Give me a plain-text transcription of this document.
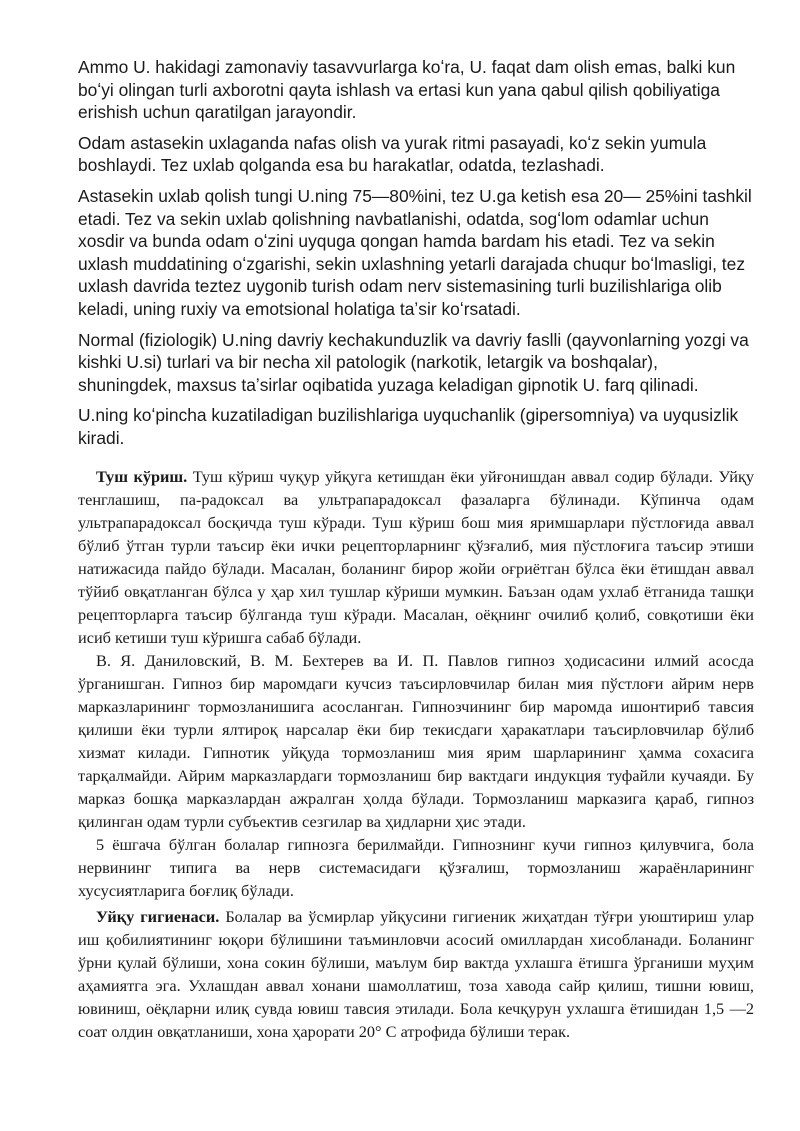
Ammo U. hakidagi zamonaviy tasavvurlarga koʻra, U. faqat dam olish emas, balki kun boʻyi olingan turli axborotni qayta ishlash va ertasi kun yana qabul qilish qobiliyatiga erishish uchun qaratilgan jarayondir.

Odam astasekin uxlaganda nafas olish va yurak ritmi pasayadi, koʻz sekin yumula boshlaydi. Tez uxlab qolganda esa bu harakatlar, odatda, tezlashadi.

Astasekin uxlab qolish tungi U.ning 75—80%ini, tez U.ga ketish esa 20— 25%ini tashkil etadi. Tez va sekin uxlab qolishning navbatlanishi, odatda, sogʻlom odamlar uchun xosdir va bunda odam oʻzini uyquga qongan hamda bardam his etadi. Tez va sekin uxlash muddatining oʻzgarishi, sekin uxlashning yetarli darajada chuqur boʻlmasligi, tez uxlash davrida teztez uygonib turish odam nerv sistemasining turli buzilishlariga olib keladi, uning ruxiy va emotsional holatiga taʼsir koʻrsatadi.

Normal (fiziologik) U.ning davriy kechakunduzlik va davriy faslli (qayvonlarning yozgi va kishki U.si) turlari va bir necha xil patologik (narkotik, letargik va boshqalar), shuningdek, maxsus taʼsirlar oqibatida yuzaga keladigan gipnotik U. farq qilinadi.

U.ning koʻpincha kuzatiladigan buzilishlariga uyquchanlik (gipersomniya) va uyqusizlik kiradi.

Туш кўриш. Туш кўриш чуқур уйқуга кетишдан ёки уйғонишдан аввал содир бўлади. Уйқу тенглашиш, па-радоксал ва ультрапарадоксал фазаларга бўлинади. Кўпинча одам ультрапарадоксал босқичда туш кўради. Туш кўриш бош мия яримшарлари пўстлоғида аввал бўлиб ўтган турли таъсир ёки ички рецепторларнинг қўзғалиб, мия пўстлоғига таъсир этиши натижасида пайдо бўлади. Масалан, боланинг бирор жойи оғриётган бўлса ёки ётишдан аввал тўйиб овқатланган бўлса у ҳар хил тушлар кўриши мумкин. Баъзан одам ухлаб ётганида ташқи рецепторларга таъсир бўлганда туш кўради. Масалан, оёқнинг очилиб қолиб, совқотиши ёки исиб кетиши туш кўришга сабаб бўлади.

В. Я. Даниловский, В. М. Бехтерев ва И. П. Павлов гипноз ҳодисасини илмий асосда ўрганишган. Гипноз бир маромдаги кучсиз таъсирловчилар билан мия пўстлоғи айрим нерв марказларининг тормозланишига асосланган. Гипнозчининг бир маромда ишонтириб тавсия қилиши ёки турли ялтироқ нарсалар ёки бир текисдаги ҳаракатлари таъсирловчилар бўлиб хизмат килади. Гипнотик уйқуда тормозланиш мия ярим шарларининг ҳамма сохасига тарқалмайди. Айрим марказлардаги тормозланиш бир вактдаги индукция туфайли кучаяди. Бу марказ бошқа марказлардан ажралган ҳолда бўлади. Тормозланиш марказига қараб, гипноз қилинган одам турли субъектив сезгилар ва ҳидларни ҳис этади.

5 ёшгача бўлган болалар гипнозга берилмайди. Гипнознинг кучи гипноз қилувчига, бола нервининг типига ва нерв системасидаги қўзғалиш, тормозланиш жараёнларининг хусусиятларига боғлиқ бўлади.

Уйқу гигиенаси. Болалар ва ўсмирлар уйқусини гигиеник жиҳатдан тўғри уюштириш улар иш қобилиятининг юқори бўлишини таъминловчи асосий омиллардан хисобланади. Боланинг ўрни қулай бўлиши, хона сокин бўлиши, маълум бир вактда ухлашга ётишга ўрганиши муҳим аҳамиятга эга. Ухлашдан аввал хонани шамоллатиш, тоза хавода сайр қилиш, тишни ювиш, ювиниш, оёқларни илиқ сувда ювиш тавсия этилади. Бола кечқурун ухлашга ётишидан 1,5 —2 соат олдин овқатланиши, хона ҳарорати 20° С атрофида бўлиши терак.
